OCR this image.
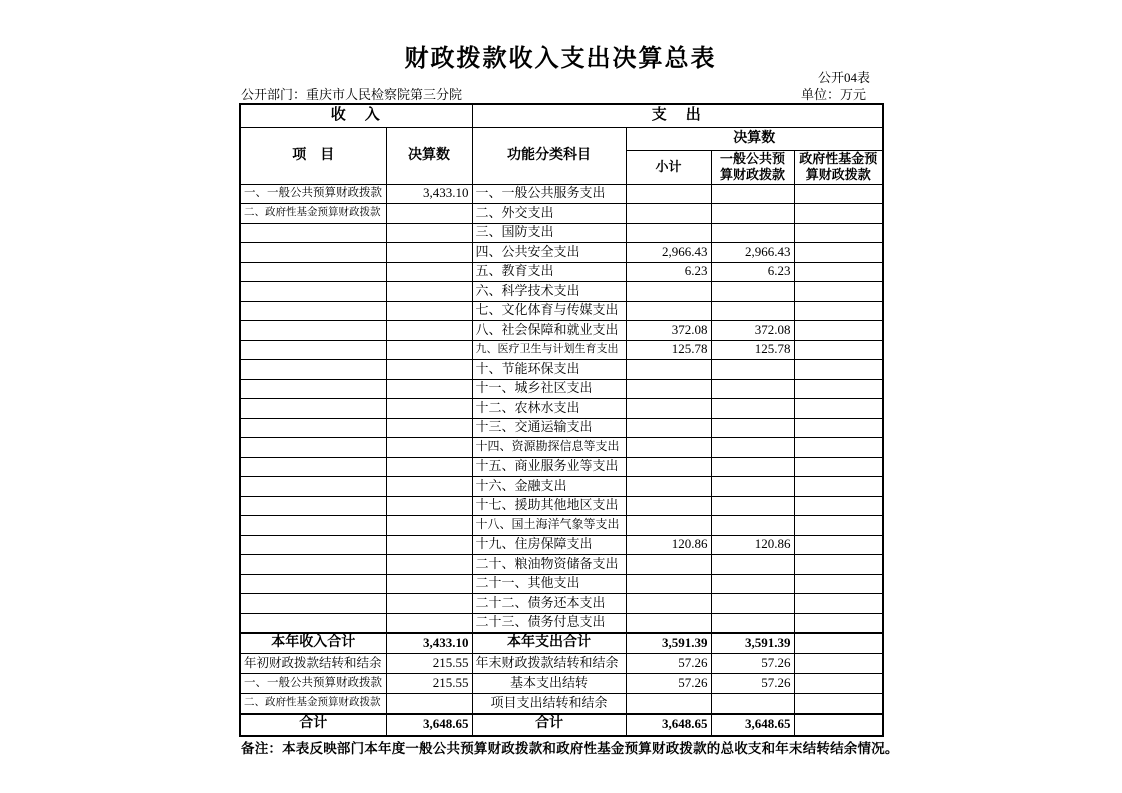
财政拨款收入支出决算总表
公开04表
公开部门：重庆市人民检察院第三分院	单位：万元
收　入		支　出			
项　目	决算数	功能分类科目	决算数		
			小计	一般公共预算财政拨款	政府性基金预算财政拨款
一、一般公共预算财政拨款	3,433.10	一、一般公共服务支出			
二、政府性基金预算财政拨款		二、外交支出			
		三、国防支出			
		四、公共安全支出	2,966.43	2,966.43	
		五、教育支出	6.23	6.23	
		六、科学技术支出			
		七、文化体育与传媒支出			
		八、社会保障和就业支出	372.08	372.08	
		九、医疗卫生与计划生育支出	125.78	125.78	
		十、节能环保支出			
		十一、城乡社区支出			
		十二、农林水支出			
		十三、交通运输支出			
		十四、资源勘探信息等支出			
		十五、商业服务业等支出			
		十六、金融支出			
		十七、援助其他地区支出			
		十八、国土海洋气象等支出			
		十九、住房保障支出	120.86	120.86	
		二十、粮油物资储备支出			
		二十一、其他支出			
		二十二、债务还本支出			
		二十三、债务付息支出			
本年收入合计	3,433.10	本年支出合计	3,591.39	3,591.39	
年初财政拨款结转和结余	215.55	年末财政拨款结转和结余	57.26	57.26	
一、一般公共预算财政拨款	215.55	基本支出结转	57.26	57.26	
二、政府性基金预算财政拨款		项目支出结转和结余			
合计	3,648.65	合计	3,648.65	3,648.65	
备注：本表反映部门本年度一般公共预算财政拨款和政府性基金预算财政拨款的总收支和年末结转结余情况。
